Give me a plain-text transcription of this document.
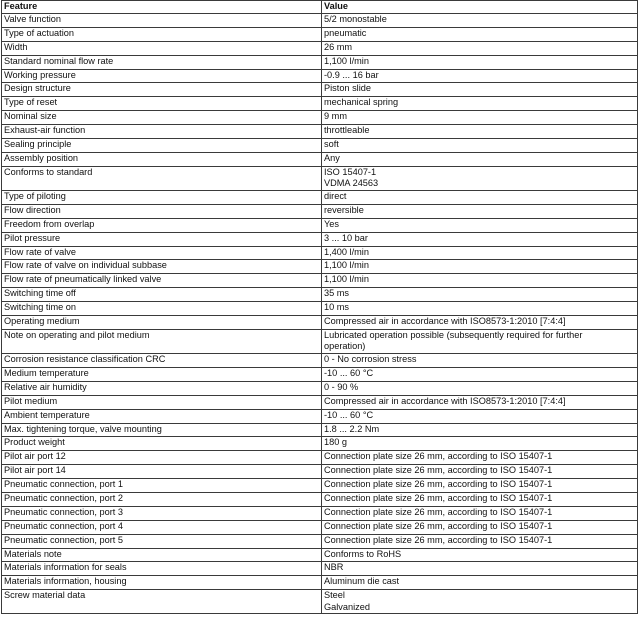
Feature	Value
Valve function	5/2 monostable

Type of actuation	pneumatic

Width	26 mm

Standard nominal flow rate	1,100 l/min

Working pressure	-0.9 ... 16 bar

Design structure	Piston slide

Type of reset	mechanical spring

Nominal size	9 mm

Exhaust-air function	throttleable

Sealing principle	soft

Assembly position	Any

Conforms to standard	ISO 15407-1
VDMA 24563

Type of piloting	direct

Flow direction	reversible

Freedom from overlap	Yes

Pilot pressure	3 ... 10 bar

Flow rate of valve	1,400 l/min

Flow rate of valve on individual subbase	1,100 l/min

Flow rate of pneumatically linked valve	1,100 l/min

Switching time off	35 ms

Switching time on	10 ms

Operating medium	Compressed air in accordance with ISO8573-1:2010 [7:4:4]

Note on operating and pilot medium	Lubricated operation possible (subsequently required for further
operation)

Corrosion resistance classification CRC	0 - No corrosion stress

Medium temperature	-10 ... 60 °C

Relative air humidity	0 - 90 %

Pilot medium	Compressed air in accordance with ISO8573-1:2010 [7:4:4]

Ambient temperature	-10 ... 60 °C

Max. tightening torque, valve mounting	1.8 ... 2.2 Nm

Product weight	180 g

Pilot air port 12	Connection plate size 26 mm, according to ISO 15407-1

Pilot air port 14	Connection plate size 26 mm, according to ISO 15407-1

Pneumatic connection, port 1	Connection plate size 26 mm, according to ISO 15407-1

Pneumatic connection, port 2	Connection plate size 26 mm, according to ISO 15407-1

Pneumatic connection, port 3	Connection plate size 26 mm, according to ISO 15407-1

Pneumatic connection, port 4	Connection plate size 26 mm, according to ISO 15407-1

Pneumatic connection, port 5	Connection plate size 26 mm, according to ISO 15407-1

Materials note	Conforms to RoHS

Materials information for seals	NBR

Materials information, housing	Aluminum die cast

Screw material data	Steel
Galvanized
